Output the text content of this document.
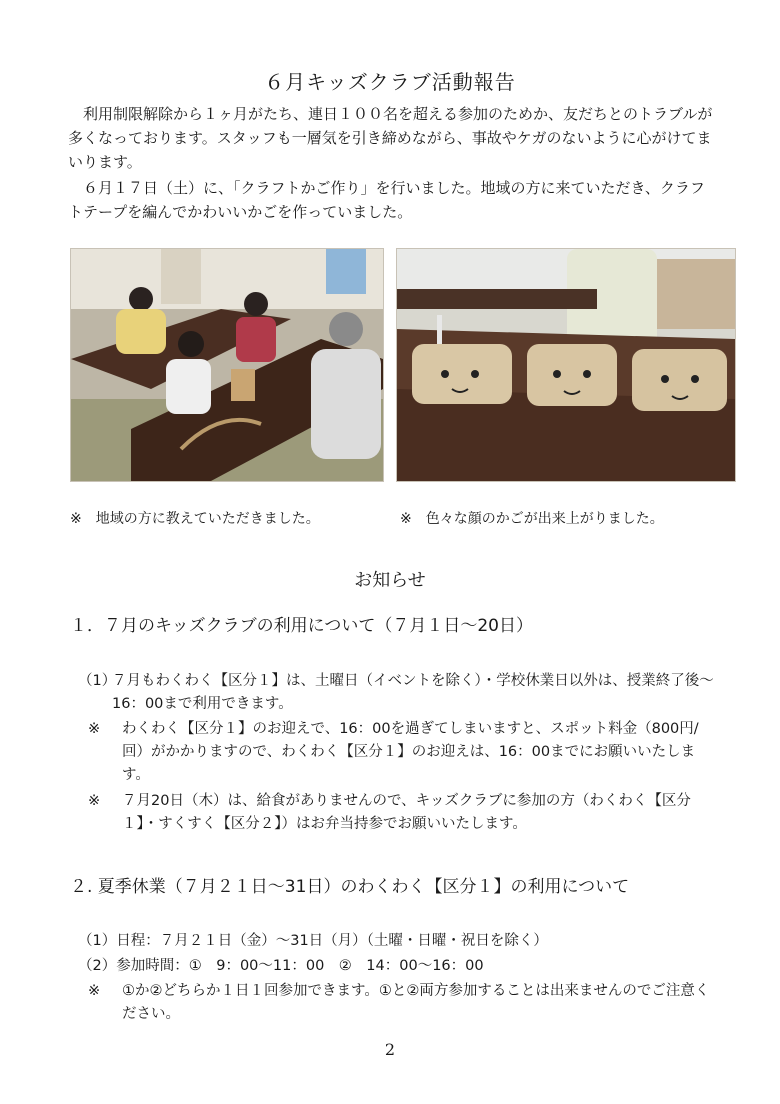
６月キッズクラブ活動報告
利用制限解除から１ヶ月がたち、連日１００名を超える参加のためか、友だちとのトラブルが多くなっております。スタッフも一層気を引き締めながら、事故やケガのないように心がけてまいります。
６月１７日（土）に、「クラフトかご作り」を行いました。地域の方に来ていただき、クラフトテープを編んでかわいいかごを作っていました。
※　地域の方に教えていただきました。	※　色々な顔のかごが出来上がりました。
お知らせ
１．７月のキッズクラブの利用について（７月１日～20日）
（1）
７月もわくわく【区分１】は、土曜日（イベントを除く）・学校休業日以外は、授業終了後～16：00まで利用できます。
※ わくわく【区分１】のお迎えで、16：00を過ぎてしまいますと、スポット料金（800円/回）がかかりますので、わくわく【区分１】のお迎えは、16：00までにお願いいたします。
※ ７月20日（木）は、給食がありませんので、キッズクラブに参加の方（わくわく【区分１】・すくすく【区分２】）はお弁当持参でお願いいたします。
２. 夏季休業（７月２１日～31日）のわくわく【区分１】の利用について
（1）日程：７月２１日（金）～31日（月）（土曜・日曜・祝日を除く）
（2）参加時間：①　9：00～11：00　②　14：00～16：00
※ ①か②どちらか１日１回参加できます。①と②両方参加することは出来ませんのでご注意ください。
2
